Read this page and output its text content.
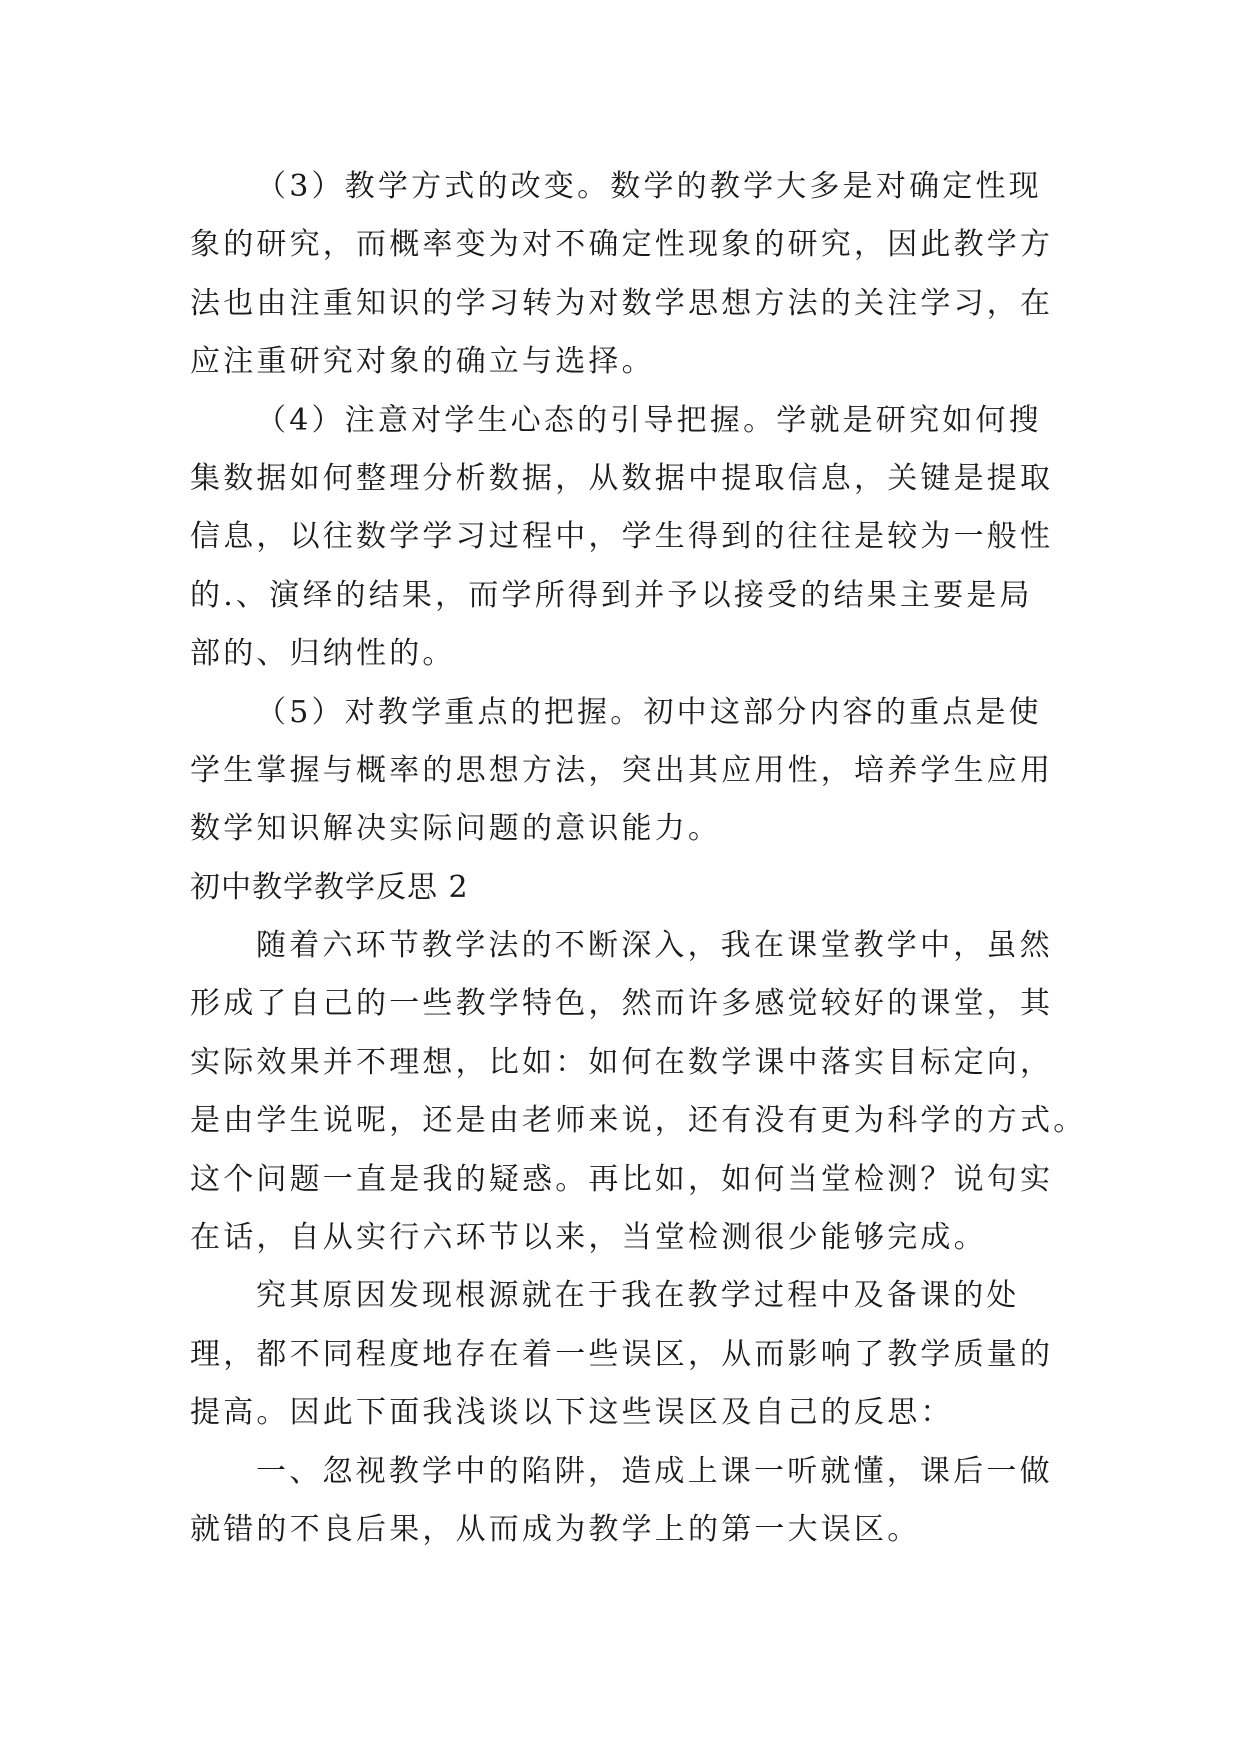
（3）教学方式的改变。数学的教学大多是对确定性现
象的研究，而概率变为对不确定性现象的研究，因此教学方
法也由注重知识的学习转为对数学思想方法的关注学习，在
应注重研究对象的确立与选择。
（4）注意对学生心态的引导把握。学就是研究如何搜
集数据如何整理分析数据，从数据中提取信息，关键是提取
信息，以往数学学习过程中，学生得到的往往是较为一般性
的.、演绎的结果，而学所得到并予以接受的结果主要是局
部的、归纳性的。
（5）对教学重点的把握。初中这部分内容的重点是使
学生掌握与概率的思想方法，突出其应用性，培养学生应用
数学知识解决实际问题的意识能力。
初中教学教学反思 2
随着六环节教学法的不断深入，我在课堂教学中，虽然
形成了自己的一些教学特色，然而许多感觉较好的课堂，其
实际效果并不理想，比如：如何在数学课中落实目标定向，
是由学生说呢，还是由老师来说，还有没有更为科学的方式。
这个问题一直是我的疑惑。再比如，如何当堂检测？说句实
在话，自从实行六环节以来，当堂检测很少能够完成。
究其原因发现根源就在于我在教学过程中及备课的处
理，都不同程度地存在着一些误区，从而影响了教学质量的
提高。因此下面我浅谈以下这些误区及自己的反思：
一、忽视教学中的陷阱，造成上课一听就懂，课后一做
就错的不良后果，从而成为教学上的第一大误区。
